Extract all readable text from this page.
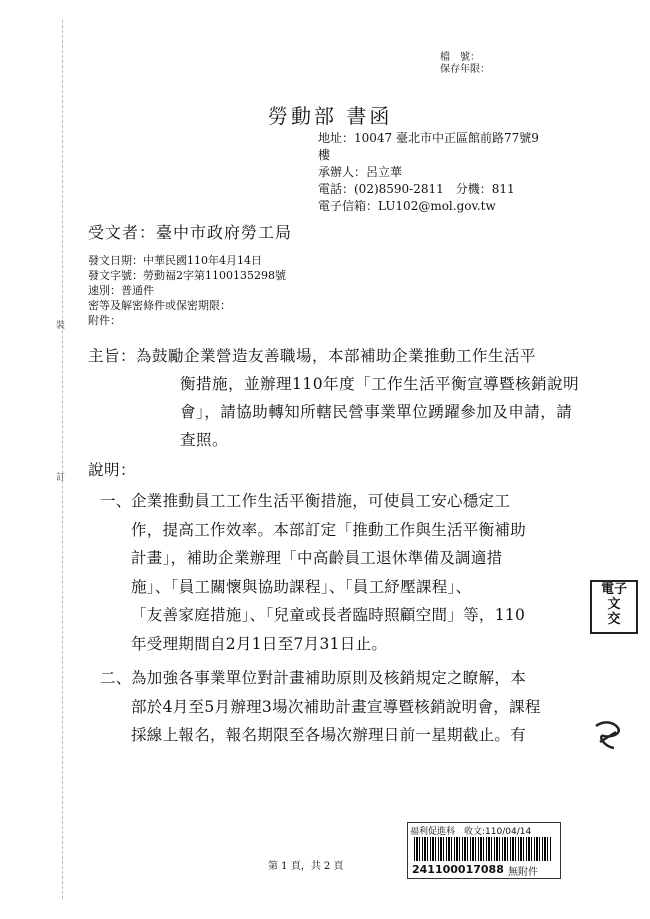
裝
訂
檔　號：
保存年限：
勞動部 書函
地址：10047 臺北市中正區館前路77號9
樓
承辦人：呂立華
電話：(02)8590-2811　分機：811
電子信箱：LU102@mol.gov.tw
受文者：臺中市政府勞工局
發文日期：中華民國110年4月14日
發文字號：勞動福2字第1100135298號
速別：普通件
密等及解密條件或保密期限：
附件：
主旨： 為鼓勵企業營造友善職場，本部補助企業推動工作生活平
衡措施，並辦理110年度「工作生活平衡宣導暨核銷說明
會」，請協助轉知所轄民營事業單位踴躍參加及申請，請
查照。
說明：
一、 企業推動員工工作生活平衡措施，可使員工安心穩定工
作，提高工作效率。本部訂定「推動工作與生活平衡補助
計畫」，補助企業辦理「中高齡員工退休準備及調適措
施」、「員工關懷與協助課程」、「員工紓壓課程」、
「友善家庭措施」、「兒童或長者臨時照顧空間」等，110
年受理期間自2月1日至7月31日止。
二、 為加強各事業單位對計畫補助原則及核銷規定之瞭解，本
部於4月至5月辦理3場次補助計畫宣導暨核銷說明會，課程
採線上報名，報名期限至各場次辦理日前一星期截止。有
電子
文
交
福利促進科　收文:110/04/14
241100017088 無附件
第 1 頁，共 2 頁
